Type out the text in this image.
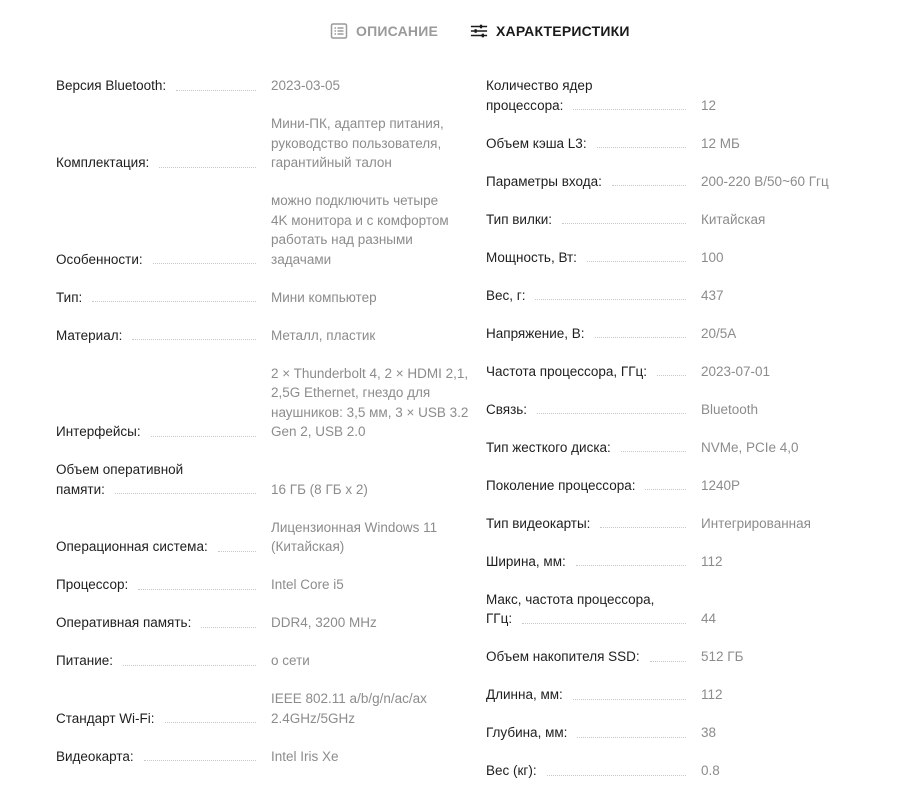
ОПИСАНИЕ	ХАРАКТЕРИСТИКИ
Версия Bluetooth:	2023-03-05
Комплектация:
Мини-ПК, адаптер питания,
руководство пользователя,
гарантийный талон
Особенности:
можно подключить четыре
4K монитора и с комфортом
работать над разными
задачами
Тип:	Мини компьютер
Материал:	Металл, пластик
Интерфейсы:
2 × Thunderbolt 4, 2 × HDMI 2,1,
2,5G Ethernet, гнездо для
наушников: 3,5 мм, 3 × USB 3.2
Gen 2, USB 2.0
Объем оперативной
памяти:	16 ГБ (8 ГБ x 2)
Операционная система:
Лицензионная Windows 11
(Китайская)
Процессор:	Intel Core i5
Оперативная память:	DDR4, 3200 MHz
Питание:	о сети
Стандарт Wi-Fi:
IEEE 802.11 a/b/g/n/ac/ax
2.4GHz/5GHz
Видеокарта:	Intel Iris Xe
Количество ядер
процессора:	12
Объем кэша L3:	12 МБ
Параметры входа:	200-220 В/50~60 Ггц
Тип вилки:	Китайская
Мощность, Вт:	100
Вес, г:	437
Напряжение, В:	20/5A
Частота процессора, ГГц:	2023-07-01
Связь:	Bluetooth
Тип жесткого диска:	NVMe, PCIe 4,0
Поколение процессора:	1240P
Тип видеокарты:	Интегрированная
Ширина, мм:	112
Макс, частота процессора,
ГГц:	44
Объем накопителя SSD:	512 ГБ
Длинна, мм:	112
Глубина, мм:	38
Вес (кг):	0.8
